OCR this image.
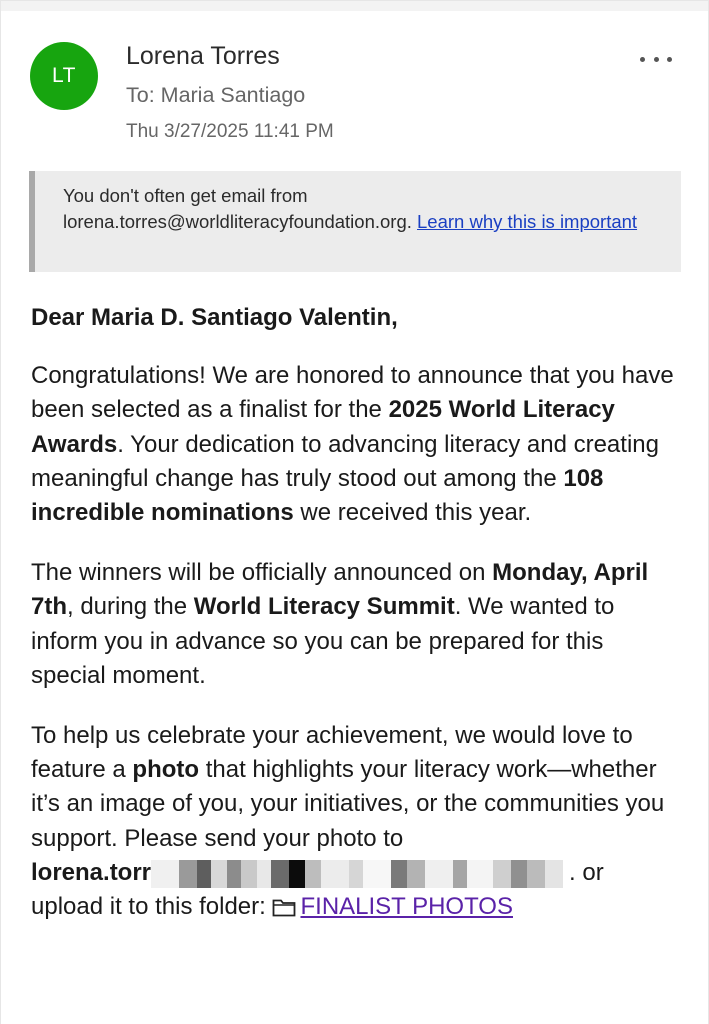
LT
Lorena Torres
To: Maria Santiago
Thu 3/27/2025 11:41 PM
You don't often get email from lorena.torres@worldliteracyfoundation.org. Learn why this is important

Dear Maria D. Santiago Valentin,

Congratulations! We are honored to announce that you have been selected as a finalist for the 2025 World Literacy Awards. Your dedication to advancing literacy and creating meaningful change has truly stood out among the 108 incredible nominations we received this year.

The winners will be officially announced on Monday, April 7th, during the World Literacy Summit. We wanted to inform you in advance so you can be prepared for this special moment.

To help us celebrate your achievement, we would love to feature a photo that highlights your literacy work—whether it’s an image of you, your initiatives, or the communities you support. Please send your photo to
lorena.torr	. or
upload it to this folder: FINALIST PHOTOS
